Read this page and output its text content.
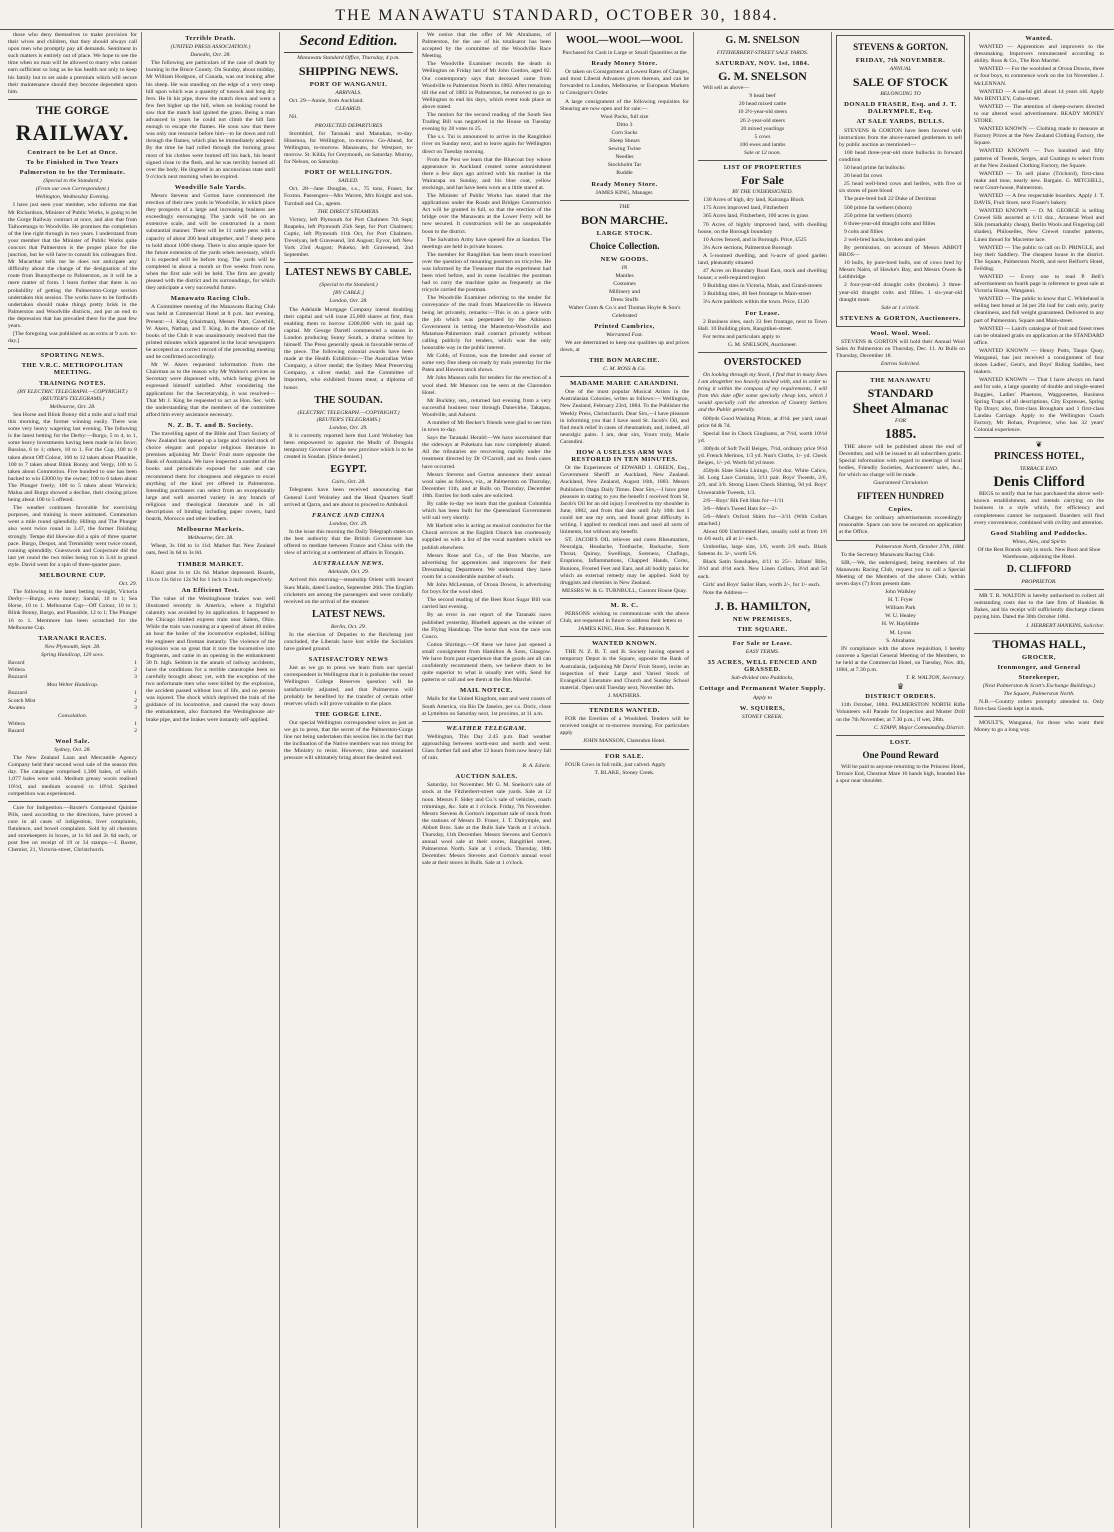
THE MANAWATU STANDARD, OCTOBER 30, 1884.

those who deny themselves to make provision for their wives and children, that they should always call upon men who promptly pay all demands. Sentiment in such matters is entirely out of place. We hope to see the time when no man will be allowed to marry who cannot earn sufficient so long as he has health not only to keep his family but to set aside a premium which will secure their maintenance should they become dependent upon him.

THE GORGE
RAILWAY.
Contract to be Let at Once.
To be Finished in Two Years
Palmerston to be the Terminate.
(Special to the Standard.)
(From our own Correspondent.)
Wellington, Wednesday Evening.

I have just seen your member, who informs me that Mr Richardson, Minister of Public Works, is going to let the Gorge Railway contract at once, and also that from Taihoretanga to Woodville. He promises the completion of the line right through in two years. I understand from your member that the Minister of Public Works quite concurs that Palmerston is the proper place for the junction, but he will have to consult his colleagues first. Mr Macarthur tells me he does not anticipate any difficulty about the change of the designation of the route from Bunnythorpe to Palmerston, as it will be a mere matter of form. I learn further that there is no probability of getting the Palmerston-Gorge section undertaken this session. The works have to be forthwith undertaken should make things pretty brisk in the Palmerston and Woodville districts, and put an end to the depression that has prevailed there for the past few years.

[The foregoing was published as an extra at 9 a.m. to-day.]

SPORTING NEWS.
THE V.R.C. METROPOLITAN MEETING.
TRAINING NOTES.
(BY ELECTRIC TELEGRAPH.—COPYRIGHT.) (REUTER'S TELEGRAMS.)
Melbourne, Oct. 28.

Sea Horse and Blink Bonny did a mile and a half trial this morning, the former winning easily. There was some very heavy wagering last evening. The following is the latest betting for the Derby:—Burgo, 5 to 4, to 1, some heavy investments having been made in his favor; Bassina, 6 to 1; others, 10 to 1. For the Cup, 100 to 8 taken about Off Colour, 100 to 12 taken about Plausible, 100 to 7 taken about Blink Bonny and Vergy, 100 to 5 taken about Commotion. Five hundred to one has been backed to win £3000 by the owner; 100 to 6 taken about The Plunger freely; 100 to 5 taken about Warwick; Malua and Burgo showed a decline, their closing prices being about 100 to 5 offered.

The weather continues favorable for exercising purposes, and training is more animated. Commotion went a mile round splendidly. Hilltop and The Plunger also went twice round in 3.47, the former finishing strongly. Tempe did likewise did a spin of three quarter pace. Burgo, Despot, and Trenmiddy went twice round, running splendidly. Guesswork and Conjecture did the last yet round the two miles being run in 3.44 in grand style. David went for a spin of three-quarter pace.

MELBOURNE CUP.
Oct. 29.

The following is the latest betting to-night, Victoria Derby:—Burgo, even money; Sandal, 10 to 1; Sea Horse, 10 to 1. Melbourne Cup—Off Colour, 10 to 1; Blink Bonny, Burgo, and Plausible, 12 to 1; The Plunger 16 to 1. Mentmore has been scratched for the Melbourne Cup.

TARANAKI RACES.
New Plymouth, Sept. 28.
Spring Handicap, 120 sovs.
Bavard	1
Witlera	2
Buzzard	3
Moa Welter Handicap.
Buzzard	1
Scotch Mist	2
Awatea	3
Consolation.
Witlera	1
Bazard	2
Wool Sale.
Sydney, Oct. 28.

The New Zealand Loan and Mercantile Agency Company held their second wool sale of the season this day. The catalogue comprised 1,300 bales, of which 1,077 bales were sold. Medium greasy wools realised 10½d, and medium scoured to 18½d. Spirited competition was experienced.

Cure for Indigestion.—Baxter's Compound Quinine Pills, used according to the directions, have proved a cure in all cases of indigestion, liver complaints, flatulence, and bowel complaints. Sold by all chemists and storekeepers in boxes, at 1s 6d and 2s 6d each, or post free on receipt of 19 or 34 stamps.—J. Baxter, Chemist, 21, Victoria-street, Christchurch.

Terrible Death.
(UNITED PRESS ASSOCIATION.)
Dunedin, Oct. 28.

The following are particulars of the case of death by burning in the Bruce County. On Sunday, about midday, Mr William Hodgson, of Canada, was out looking after his sheep. He was standing on the edge of a very steep hill upon which was a quantity of tussock and long dry fern. He lit his pipe, threw the match down and went a few feet higher up the hill, when on looking round he saw that the match had ignited the grass. Being a man advanced in years he could not climb the hill fast enough to escape the flames. He soon saw that there was only one resource before him—to lie down and roll through the flames, which plan he immediately adopted. By the time he had rolled through the burning grass most of his clothes were burned off his back, his beard signed close to the flesh, and he was terribly burned all over the body. He lingered in an unconscious state until 9 o'clock next morning when he expired.

Woodville Sale Yards.

Messrs Stevens and Gorton have commenced the erection of their new yards in Woodville, in which place they prospects of a large and increasing business are exceedingly encouraging. The yards will be on an extensive scale, and will be constructed in a most substantial manner. There will be 11 cattle pens with a capacity of about 200 head altogether, and 7 sheep pens to hold about 1000 sheep. There is also ample space for the future extension of the yards when necessary, which it is expected will be before long. The yards will be completed in about a month or five weeks from now, when the first sale will be held. The firm are greatly pleased with the district and its surroundings, for which they anticipate a very successful future.

Manawatu Racing Club.

A Committee meeting of the Manawatu Racing Club was held at Commercial Hotel at 8 p.m. last evening. Present:—J. King (chairman), Messrs Pratt, Caverhill, W. Akers, Nathan, and T. King. In the absence of the books of the Club it was unanimously resolved that the printed minutes which appeared in the local newspapers be accepted as a correct record of the preceding meeting and be confirmed accordingly.

Mr W. Akers requested information from the Chairman as to the reason why Mr Walton's services as Secretary were dispensed with, which being given he expressed himself satisfied. After considering the applications for the Secretaryship, it was resolved—That Mr J. King be requested to act as Hon. Sec. with the understanding that the members of the committee afford him every assistance necessary.

N. Z. B. T. and B. Society.

The travelling agent of the Bible and Tract Society of New Zealand has opened up a large and varied stock of choice elegant and popular religious literature in premises adjoining Mr Davis' Fruit store opposite the Bank of Australasia. We have inspected a number of the books and periodicals exposed for sale and can recommend them for cheapness and elegance to excel anything of the kind yet offered in Palmerston. Intending purchasers can select from an exceptionally large and well assorted variety in any branch of religious and theological literature and in all descriptions of binding including paper covers, hard boards, Morocco and other leathers.

Melbourne Markets.
Melbourne, Oct. 28.

Wheat, 3s 10d to 1s 11d. Market flat. New Zealand oats, feed 3s 6d to 3s 8d.

TIMBER MARKET.

Kauri pine 1s to 12s 6d. Market depressed. Boards, 11s to 11s 6d to 12s 9d for 1 inch to 3 inch respectively.

An Efficient Test.

The value of the Westinghouse brakes was well illustrated recently in America, where a frightful calamity was avoided by its application. It happened to the Chicago limited express train near Salem, Ohio. While the train was running at a speed of about 40 miles an hour the boiler of the locomotive exploded, killing the engineer and fireman instantly. The violence of the explosion was so great that it tore the locomotive into fragments, and came in an opening in the embankment 30 ft. high. Seldom in the annals of railway accidents, have the conditions for a terrible catastrophe been so carefully brought about; yet, with the exception of the two unfortunate men who were killed by the explosion, the accident passed without loss of life, and no person was injured. The shock which deprived the train of the guidance of its locomotive, and caused the way down the embankment, also fractured the Westinghouse air-brake pipe, and the brakes were instantly self-applied.

Second Edition.
Manawatu Standard Office, Thursday, 4 p.m.
SHIPPING NEWS.
PORT OF WANGANUI.
ARRIVALS.

Oct. 29—Annie, from Auckland.

CLEARED.

Nil.

PROJECTED DEPARTURES

Stormbird, for Taranaki and Manukau, to-day. Hinemoa, for Wellington, to-morrow. Go-Ahead, for Wellington, to-morrow. Manawatu, for Westport, to-morrow. St. Kilda, for Greymouth, on Saturday. Murray, for Nelson, on Saturday.

PORT OF WELLINGTON.
SAILED.

Oct. 28—Jane Douglas, s.s., 75 tons, Fraser, for Foxton. Passengers—Mrs Warren, Mrs Knight and son. Turnbull and Co., agents.

THE DIRECT STEAMERS.

Victory, left Plymouth for Port Chalmers 7th Sept; Ruapehu, left Plymouth 25th Sept, for Port Chalmers; Coptic, left Plymouth 11th Oct, for Port Chalmers. Trevelyan, left Gravesend, 3rd August; Eyvor, left New York 23rd August; Pukeko, left Gravesend, 2nd September.

LATEST NEWS BY CABLE.
(Special to the Standard.)
[BY CABLE.]
London, Oct. 28.

The Adelaide Mortgage Company intend doubling their capital and will issue 25,000 shares at first, thus enabling them to borrow £200,000 with its paid up capital. Mr George Darrell commenced a season in London producing Sunny South, a drama written by himself. The Press generally speak in favorable terms of the piece. The following colonial awards have been made at the Health Exhibition:—The Australian Wine Company, a silver medal; the Sydney Meat Preserving Company, a silver medal; and the Committee of Importers, who exhibited frozen meat, a diploma of honor.

THE SOUDAN.
(ELECTRIC TELEGRAPH.—COPYRIGHT.) (REUTER'S TELEGRAMS.)
London, Oct. 29.

It is currently reported here that Lord Wolseley has been empowered to appoint the Mudir of Dongola temporary Governor of the new province which is to be created in Soudan. [Since denied.]

EGYPT.
Cairo, Oct. 28.

Telegrams have been received announcing that General Lord Wolseley and the Head Quarters Staff arrived at Qarra, and are about to proceed to Ambukol.

FRANCE AND CHINA
London, Oct. 29.

In the issue this morning the Daily Telegraph states on the best authority that the British Government has offered to mediate between France and China with the view of arriving at a settlement of affairs in Tonquin.

AUSTRALIAN NEWS.
Adelaide, Oct. 29.

Arrived this morning—steamship Orient with inward Suez Mails, dated London, September 26th. The English cricketers are among the passengers and were cordially received on the arrival of the steamer.

LATEST NEWS.
Berlin, Oct. 29.

In the election of Deputies to the Reichstag just concluded, the Liberals have lost while the Socialists have gained ground.

SATISFACTORY NEWS

Just as we go to press we learn from our special correspondent in Wellington that it is probable the vexed Wellington College Reserves question will be satisfactorily adjusted, and that Palmerston will probably be benefited by the transfer of certain other reserves which will prove valuable to the place.

THE GORGE LINE.

Our special Wellington correspondent wires us just as we go to press, that the secret of the Palmerston-Gorge line not being undertaken this session lies in the fact that the inclination of the Native members was too strong for the Ministry to resist. However, time and sustained pressure will ultimately bring about the desired end.

We notice that the offer of Mr Abrahams, of Palmerston, for the use of his totalisator has been accepted by the committee of the Woodville Race Meeting.

The Woodville Examiner records the death in Wellington on Friday last of Mr John Gordon, aged 82. Our contemporary says that deceased came from Woodville to Palmerston North in 1882. After remaining till the end of 1883 in Palmerston, he removed to go to Wellington to end his days, which event took place as above stated.

The motion for the second reading of the South Sea Trading Bill was negatived in the House on Tuesday evening by 28 votes to 25.

The s.s. Tui is announced to arrive in the Rangitikei river on Sunday next, and to leave again for Wellington direct on Tuesday morning.

From the Post we learn that the Bluecoat boy whose appearance in Auckland created some astonishment there a few days ago arrived with his mother in the Wairarapa on Sunday, and his blue coat, yellow stockings, and hat have been worn as a little stared at.

The Minister of Public Works has stated that the applications under the Roads and Bridges Construction Act will be granted in full, so that the erection of the bridge over the Manawatu at the Lower Ferry will be now secured. It construction will be an unspeakable boon to the district.

The Salvation Army have opened fire at Sandon. The meetings are held in private houses.

The member for Rangitikei has been much exercised over the question of mounting postmen on tricycles. He was informed by the Treasurer that the experiment had been tried before, and in some localities the postman had to carry the machine quite as frequently as the tricycle carried the postman.

The Woodville Examiner referring to the tender for conveyance of the mail from Mauriceville to Hawera being let privately, remarks:—This is on a piece with the job which was perpetrated by the Atkinson Government in letting the Masterton-Woodville and Matamau-Palmerston mail contract privately without calling publicly for tenders, which was the only honorable way in the public interest.

Mr Cobb, of Foxton, was the breeder and owner of some very fine sheep on ready by train yesterday for the Patea and Hawera stock shows.

Mr John Manson calls for tenders for the erection of a wool shed. Mr Manson can be seen at the Clarendon Hotel.

Mr Buckley, sen., returned last evening from a very successful business tour through Danevirke, Takapau, Woodville, and Ashurst.

A number of Mr Becker's friends were glad to see him in town to-day.

Says the Taranaki Herald:—We have ascertained that the sideways at Pukekura has now completely abated. All the tributaries are recovering rapidly under the treatment directed by Dr O'Carroll, and no fresh cases have occurred.

Messrs Stevens and Gorton announce their annual wool sales as follows, viz., at Palmerston on Thursday, December 11th, and at Bulls on Thursday, December 18th. Entries for both sales are solicited.

By cable to-day we learn that the gunboat Columbia which has been built for the Queensland Government will sail very shortly.

Mr Harbott who is acting as musical conductor for the Choral services at the English Church has courteously supplied us with a list of the vocal numbers which we publish elsewhere.

Messrs Rose and Co., of the Bon Marche, are advertising for apprentices and improvers for their Dressmaking Department. We understand they have room for a considerable number of each.

Mr John McLennan, of Oroua Downs, is advertising for boys for the wool shed.

The second reading of the Beet Root Sugar Bill was carried last evening.

By an error in our report of the Taranaki races published yesterday, Bluebell appears as the winner of the Flying Handicap. The horse that won the race was Cuuco.

Cotton Shirtings.—Of these we have just opened a small consignment from Hamilton & Sons, Glasgow. We have from past experience that the goods are all can confidently recommend them, we believe them to be quite superior to what is usually met with. Send for patterns or call and see them at the Bon Marché.

MAIL NOTICE.

Mails for the United Kingdom, east and west coasts of South America, via Rio De Janeiro, per s.s. Doric, close at Lyttelton on Saturday next, 1st proximo, at 11 a.m.

WEATHER TELEGRAM.

Wellington, This Day 2.45 p.m. Bad weather approaching between north-east and north and west. Glass further fall and after 12 hours from now heavy fall of rain.

R. A. Edwin.
AUCTION SALES.

Saturday, 1st November. Mr G. M. Snelson's sale of stock at the Fitzherbert-street sale yards. Sale at 12 noon. Messrs F. Sidey and Co.'s sale of vehicles, coach trimmings, &c. Sale at 1 o'clock. Friday, 7th November. Messrs Stevens & Gorton's important sale of stock from the stations of Messrs D. Fraser, J. T. Dalrymple, and Abbott Bros. Sale at the Bulls Sale Yards at 1 o'clock. Thursday, 11th December. Messrs Stevens and Gorton's annual wool sale at their stores, Rangitikei street, Palmerston North. Sale at 1 o'clock. Thursday, 18th December. Messrs Stevens and Gorton's annual wool sale at their stores in Bulls. Sale at 1 o'clock.

WOOL—WOOL—WOOL

Purchased for Cash in Large or Small Quantities at the

Ready Money Store.

Or taken on Consignment at Lowest Rates of Charges, and most Liberal Advances given thereon, and can be forwarded to London, Melbourne, or European Markets to Consignor's Order.

A large consignment of the following requisites for Shearing are now open and for sale:—

Wool Packs, full size

Ditto 3

Corn Sacks

Sheep Shears

Sewing Twine

Needles

Stockholm Tar

Ruddle

Ready Money Store.

JAMES KING, Manager.

THE
BON MARCHE.
LARGE STOCK.
Choice Collection.
NEW GOODS.
IN

Mantles

Costumes

Millinery and

Dress Stuffs

Walter Crum & Co.'s and Thomas Hoyle & Son's Celebrated

Printed Cambrics,
Warranted Fast.

We are determined to keep our qualities up and prices down, at

THE BON MARCHE.
C. M. ROSS & Co.
MADAME MARIE CARANDINI.

One of the most popular Musical Artists in the Australasian Colonies, writes as follows:— Wellington, New Zealand, February 23rd, 1884. To the Publisher the Weekly Press, Christchurch. Dear Sirs,—I have pleasure in informing you that I have used St. Jacob's Oil, and find much relief in cases of rheumatism, and, indeed, all neuralgic pains. I am, dear sirs, Yours truly, Marie Carandini.

HOW A USELESS ARM WAS RESTORED IN TEN MINUTES.

Or the Experiences of EDWARD I. GREEN, Esq., Government Sheriff at Auckland, New Zealand. Auckland, New Zealand, August 16th, 1883. Messrs Publishers Otago Daily Times. Dear Sirs,—I have great pleasure in stating to you the benefit I received from St. Jacob's Oil for an old injury I received to my shoulder in June, 1882, and from that date until July 10th last I could not use my arm, and found great difficulty in writing. I applied to medical men and used all sorts of liniments, but without any benefit.

ST. JACOB'S OIL relieves and cures Rheumatism, Neuralgia, Headache, Toothache, Backache, Sore Throat, Quinsy, Swellings, Soreness, Chafings, Eruptions, Inflammations, Chapped Hands, Corns, Bunions, Frosted Feet and Ears, and all bodily pains for which an external remedy may be applied. Sold by druggists and chemists in New Zealand.

MESSRS W. & G. TURNBULL, Custom House Quay.

M. R. C.

PERSONS wishing to communicate with the above Club, are requested in future to address their letters to

JAMES KING, Hon. Sec. Palmerston N.

WANTED KNOWN.

THE N. Z. B. T. and B. Society having opened a temporary Depot in the Square, opposite the Bank of Australasia, (adjoining Mr Davis' Fruit Store), invite an inspection of their Large and Varied Stock of Evangelical Literature and Church and Sunday School material. Open until Tuesday next, November 4th.

J. MATHERS.

TENDERS WANTED.

FOR the Erection of a Woolshed. Tenders will be received tonight or to-morrow morning. For particulars apply

JOHN MANSON, Clarendon Hotel.

FOR SALE.

FOUR Cows in full milk, just calved. Apply

T. BLAKE, Stoney Creek.

G. M. SNELSON
FITZHERBERT-STREET SALE YARDS.
SATURDAY, NOV. 1st, 1884.
G. M. SNELSON

Will sell as above—

9 head beef

20 head mixed cattle

10 2½-year-old steers

26 2-year-old steers

20 mixed yearlings

5 cows

100 ewes and lambs

Sale at 12 noon.
LIST OF PROPERTIES
For Sale
BY THE UNDERSIGNED.

130 Acres of high, dry land, Kairanga Block

175 Acres improved land, Fitzherbert

365 Acres land, Fitzherbert, 100 acres in grass

70 Acres of highly improved land, with dwelling house, on the Borough boundary

10 Acres fenced, and in Borough. Price, £525

3¼ Acre sections, Palmerston Borough

A 5-roomed dwelling, and ¼-acre of good garden land, pleasantly situated

47 Acres on Boundary Road East, stock and dwelling house; a well-required region

9 Building sites in Victoria, Main, and Grand-streets

3 Building sites, 40 feet frontage to Main-street

3¼ Acre paddock within the town. Price, £120

For Lease.

2 Business sites, each 33 feet frontage, next to Town Hall. 10 Building plots, Rangitikei-street.

For terms and particulars apply to

G. M. SNELSON, Auctioneer.

OVERSTOCKED

On looking through my Stock, I find that in many lines I am altogether too heavily stocked with, and in order to bring it within the compass of my requirements, I will from this date offer some specially cheap lots, which I would specially call the attention of Country Settlers and the Public generally.

600yds Good Washing Prints, at 4½d. per yard, usual price 6d & 7d.

Special line in Check Ginghams, at 7½d, worth 10½d yd.

300yds of Soft Twill Beiges, 7½d, ordinary price 9½d yd. French Merinos, 1/3 yd. Nun's Cloths, 1/- yd. Check Beiges, 1/- yd. Worth 6d yd more.

450yds Slate Sileia Linings, 5½d doz. White Calico, 3d. Long Lace Curtains, 3/11 pair. Boys' Tweeds, 2/6, 2/9, and 3/6. Strong Linen Check Shirting, 9d yd. Boys' Unwearable Tweeds, 1/3.

2/6—Boys' Blk Felt Hats for—1/11

3/6—Men's Tweed Hats for—2/-

5/6—Men's Oxford Shirts for—3/11 (With Collars attached.)

About 600 Untrimmed Hats, usually sold at from 1/6 to 4/6 each, all at 1/- each.

Umbrellas, large size, 1/6, worth 2/6 each. Black Sateens 4s. 3/-, worth 5/6.

Black Satin Sunshades, 4/11 to 25/-. Infants' Bibs, 3½d and 4½d each. New Linen Collars, 3½d and 5d each.

Girls' and Boys' Sailor Hats, worth 2/-, for 1/- each.

Note the Address—

J. B. HAMILTON,
NEW PREMISES,
THE SQUARE.
For Sale or Lease.
EASY TERMS.
35 ACRES, WELL FENCED AND GRASSED.
Sub-divided into Paddocks,
Cottage and Permanent Water Supply.
Apply to
W. SQUIRES,
STONEY CREEK.
STEVENS & GORTON.
FRIDAY, 7th NOVEMBER.
ANNUAL
SALE OF STOCK
BELONGING TO
DONALD FRASER, Esq. and J. T. DALRYMPLE, Esq.
AT SALE YARDS, BULLS.

STEVENS & GORTON have been favored with instructions from the above-named gentlemen to sell by public auction as mentioned—

100 head three-year-old store bullocks in forward condition

50 head prime fat bullocks

20 head fat cows

25 head well-bred cows and heifers, with five or six stores of pure blood

The pure-bred bull 22 Duke of Derrimut

500 prime fat wethers (shorn)

250 prime fat wethers (shorn)

6 three-year-old draught colts and fillies

9 colts and fillies

2 well-bred hacks, broken and quiet

By permission, on account of Messrs ABBOT BROS—

10 bulls, by pure-bred bulls, out of cows bred by Messrs Nairn, of Hawke's Bay, and Messrs Owen & Leithbridge

2 four-year-old draught colts (broken). 3 three-year-old draught colts and fillies. 1 six-year-old draught mare.

Sale at 1 o'clock.
STEVENS & GORTON, Auctioneers.
Wool. Wool. Wool.

STEVENS & GORTON will hold their Annual Wool Sales At Palmerston on Thursday, Dec. 11. At Bulls on Thursday, December 18.

Entries Solicited.
THE MANAWATU
STANDARD
Sheet Almanac
FOR
1885.

THE above will be published about the end of December, and will be issued to all subscribers gratis. Special information with regard to meetings of local bodies, Friendly Societies, Auctioneers' sales, &c., for which no charge will be made.

Guaranteed Circulation
FIFTEEN HUNDRED
Copies.

Charges for ordinary advertisements exceedingly reasonable. Space can now be secured on application at the Office.

Palmerston North, October 27th, 1884.

To the Secretary Manawatu Racing Club.

SIR,—We, the undersigned, being members of the Manawatu Racing Club, request you to call a Special Meeting of the Members of the above Club, within seven days (7) from present date.

John Walkley

H. T. Fryer

William Park

W. U. Healey

H. W. Hayblittle

M. Lyons

S. Abrahams

IN compliance with the above requisition, I hereby convene a Special General Meeting of the Members, to be held at the Commercial Hotel, on Tuesday, Nov. 4th, 1884, at 7.30 p.m.

T. R. WALTON, Secretary.
♛
DISTRICT ORDERS.

11th October, 1884. PALMERSTON NORTH Rifle Volunteers will Parade for Inspection and Muster Drill on the 7th November, at 7.30 p.m.; if wet, 28th.

C. STAPP, Major Commanding District.
LOST.
One Pound Reward

Will be paid to anyone returning to the Princess Hotel, Terrace End, Chestnut Mare 16 hands high, branded like a spur near shoulder.

Wanted.

WANTED — Apprentices and improvers to the dressmaking. Improvers remunerated according to ability. Ross & Co., The Bon Marché.

WANTED — For the woolshed at Oroua Downs, three or four boys, to commence work on the 1st November. J. McLENNAN.

WANTED — A useful girl about 14 years old. Apply Mrs BENTLEY, Cuba-street.

WANTED — The attention of sheep-owners directed to our altered wool advertisement. READY MONEY STORE.

WANTED KNOWN — Clothing made to measure at Factory Prices at the New Zealand Clothing Factory, the Square.

WANTED KNOWN — Two hundred and fifty patterns of Tweeds, Serges, and Coatings to select from at the New Zealand Clothing Factory, the Square.

WANTED — To sell piano (Trichord), first-class make and tone, nearly new. Bargain. G. MITCHELL, next Court-house, Palmerston.

WANTED — A few respectable boarders. Apply J. T. DAVIS, Fruit Store, next Fraser's bakery.

WANTED KNOWN — D. M. GEORGE is selling Crewel Silk assorted at 1/11 doz., Arrasene Wool and Silk (remarkably cheap), Berlin Wools and Fingering (all shades), Philoselles, New Crewel transfer patterns, Linen thread for Macreme lace.

WANTED — The public to call on D. PRINGLE, and buy their Saddlery. The cheapest house in the district. The Square, Palmerston North, and next Belfort's Hotel, Feilding.

WANTED — Every one to read P. Bell's advertisement on fourth page in reference to great sale at Victoria House, Wanganui.

WANTED — The public to know that C. Whitehead is selling best bread at 3d per 2lb loaf for cash only, purity cleanliness, and full weight guaranteed. Delivered to any part of Palmerston. Square and Main-street.

WANTED — Laird's catalogue of fruit and forest trees can be obtained gratis on application at the STANDARD office.

WANTED KNOWN — Henry Potts, Taupo Quay, Wanganui, has just received a consignment of four dozen Ladies', Gent's, and Boys' Riding Saddles, best makers.

WANTED KNOWN — That I have always on hand and for sale, a large quantity of double and single-seated Buggies, Ladies' Phaetons, Waggonettes, Business Spring Traps of all descriptions, City Expresses, Spring Tip Drays; also, first-class Brougham and 1 first-class Landau Carriage. Apply to the Wellington Coach Factory, Mr Bohan, Proprietor, who has 32 years' Colonial experience.

❦
PRINCESS HOTEL,
TERRACE END.
Denis Clifford

BEGS to notify that he has purchased the above well-known establishment, and intends carrying on the business in a style which, for efficiency and completeness cannot be surpassed. Boarders will find every convenience, combined with civility and attention.

Good Stabling and Paddocks.
Wines, Ales, and Spirits

Of the Best Brands only in stock. New Boot and Shoe Warehouse, adjoining the Hotel.

D. CLIFFORD
PROPRIETOR.

MR T. R. WALTON is hereby authorised to collect all outstanding costs due to the late firm of Hankins & Bakes, and his receipt will sufficiently discharge clients paying him. Dated the 30th October 1884.

J. HERBERT HANKINS, Solicitor.
THOMAS HALL,
GROCER,
Ironmonger, and General
Storekeeper,
(Next Palmerston & Scott's Exchange Buildings.)
The Square, Palmerston North.

N.B.—Country orders promptly attended to. Only first-class Goods kept in stock.

MOULT'S, Wanganui, for those who want their Money to go a long way.
